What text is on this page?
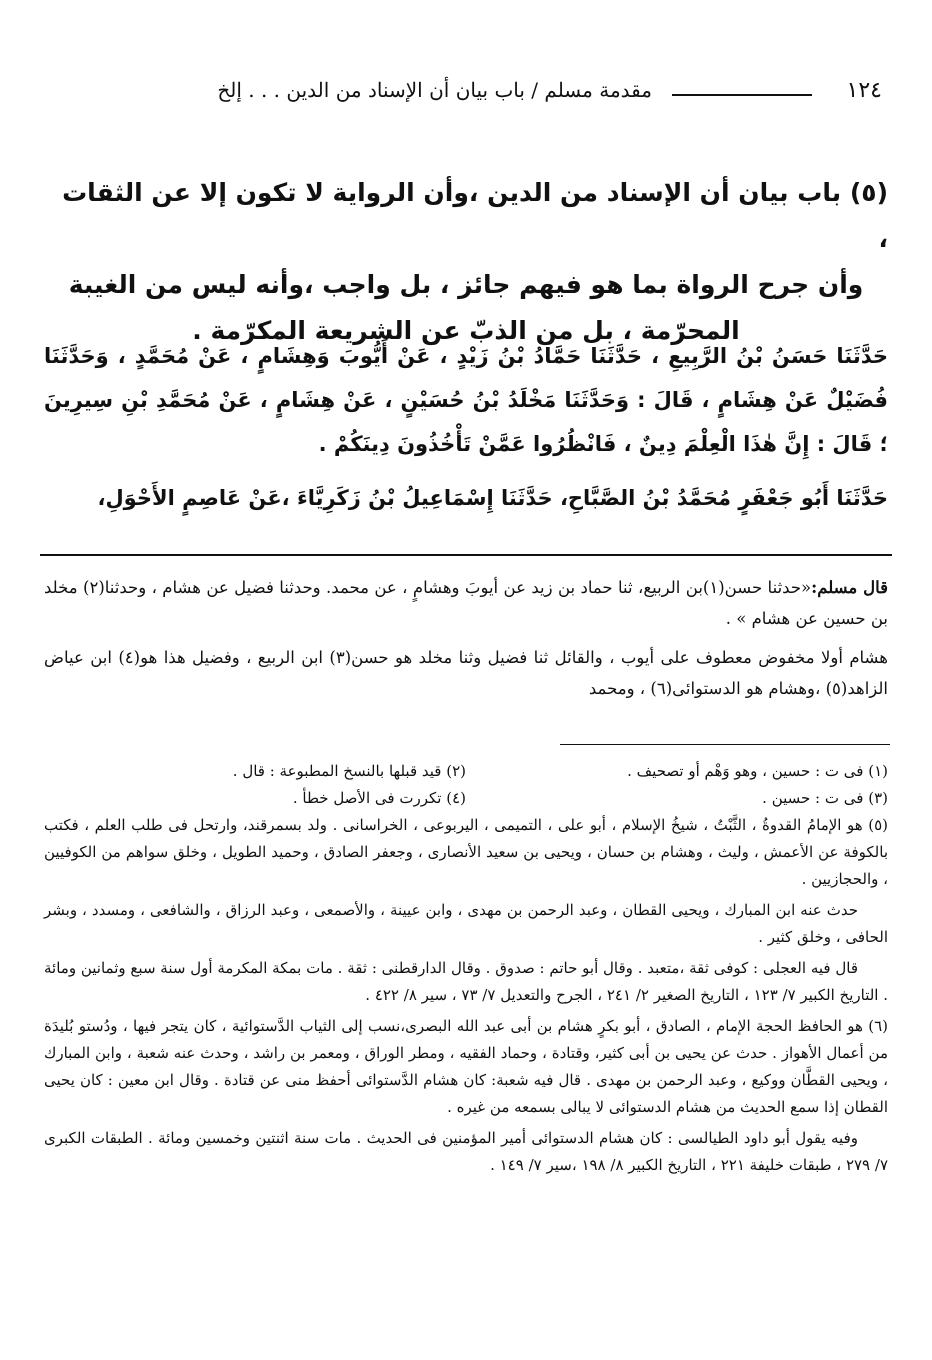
١٢٤
مقدمة مسلم / باب بيان أن الإسناد من الدين . . . إلخ
(٥) باب بيان أن الإسناد من الدين ،وأن الرواية لا تكون إلا عن الثقات ،
وأن جرح الرواة بما هو فيهم جائز ، بل واجب ،وأنه ليس من الغيبة
المحرّمة ، بل من الذبّ عن الشريعة المكرّمة .

حَدَّثَنَا حَسَنُ بْنُ الرَّبِيعِ ، حَدَّثَنَا حَمَّادُ بْنُ زَيْدٍ ، عَنْ أَيُّوبَ وَهِشَامٍ ، عَنْ مُحَمَّدٍ ، وَحَدَّثَنَا فُضَيْلٌ عَنْ هِشَامٍ ، قَالَ : وَحَدَّثَنَا مَخْلَدُ بْنُ حُسَيْنٍ ، عَنْ هِشَامٍ ، عَنْ مُحَمَّدِ بْنِ سِيرِينَ ؛ قَالَ : إِنَّ هٰذَا الْعِلْمَ دِينٌ ، فَانْظُرُوا عَمَّنْ تَأْخُذُونَ دِينَكُمْ .

حَدَّثَنَا أَبُو جَعْفَرٍ مُحَمَّدُ بْنُ الصَّبَّاحِ، حَدَّثَنَا إِسْمَاعِيلُ بْنُ زَكَرِيَّاءَ ،عَنْ عَاصِمٍ الأَحْوَلِ،

قال مسلم:«حدثنا حسن(١)بن الربيع، ثنا حماد بن زيد عن أيوبَ وهشامٍ ، عن محمد. وحدثنا فضيل عن هشام ، وحدثنا(٢) مخلد بن حسين عن هشام » .

هشام أولا مخفوض معطوف على أيوب ، والقائل ثنا فضيل وثنا مخلد هو حسن(٣) ابن الربيع ، وفضيل هذا هو(٤) ابن عياض الزاهد(٥) ،وهشام هو الدستوائى(٦) ، ومحمد

(١) فى ت : حسين ، وهو وَهْم أو تصحيف .
(٢) قيد قبلها بالنسخ المطبوعة : قال .
(٣) فى ت : حسين .
(٤) تكررت فى الأصل خطأ .

(٥) هو الإمامُ القدوةُ ، الثَّبْتُ ، شيخُ الإسلام ، أبو على ، التميمى ، اليربوعى ، الخراسانى . ولد بسمرقند، وارتحل فى طلب العلم ، فكتب بالكوفة عن الأعمش ، وليث ، وهشام بن حسان ، ويحيى بن سعيد الأنصارى ، وجعفر الصادق ، وحميد الطويل ، وخلق سواهم من الكوفيين ، والحجازيين .

حدث عنه ابن المبارك ، ويحيى القطان ، وعبد الرحمن بن مهدى ، وابن عيينة ، والأصمعى ، وعبد الرزاق ، والشافعى ، ومسدد ، وبشر الحافى ، وخلق كثير .

قال فيه العجلى : كوفى ثقة ،متعبد . وقال أبو حاتم : صدوق . وقال الدارقطنى : ثقة . مات بمكة المكرمة أول سنة سبع وثمانين ومائة . التاريخ الكبير ٧/ ١٢٣ ، التاريخ الصغير ٢/ ٢٤١ ، الجرح والتعديل ٧/ ٧٣ ، سير ٨/ ٤٢٢ .

(٦) هو الحافظ الحجة الإمام ، الصادق ، أبو بكرٍ هشام بن أبى عبد الله البصرى،نسب إلى الثياب الدَّستوائية ، كان يتجر فيها ، ودُستو بُليدَة من أعمال الأهواز . حدث عن يحيى بن أبى كثير، وقتادة ، وحماد الفقيه ، ومطر الوراق ، ومعمر بن راشد ، وحدث عنه شعبة ، وابن المبارك ، ويحيى القطَّان ووكيع ، وعبد الرحمن بن مهدى . قال فيه شعبة: كان هشام الدَّستوائى أحفظ منى عن قتادة . وقال ابن معين : كان يحيى القطان إذا سمع الحديث من هشام الدستوائى لا يبالى بسمعه من غيره .

وفيه يقول أبو داود الطيالسى : كان هشام الدستوائى أمير المؤمنين فى الحديث . مات سنة اثنتين وخمسين ومائة . الطبقات الكبرى ٧/ ٢٧٩ ، طبقات خليفة ٢٢١ ، التاريخ الكبير ٨/ ١٩٨ ،سير ٧/ ١٤٩ .
